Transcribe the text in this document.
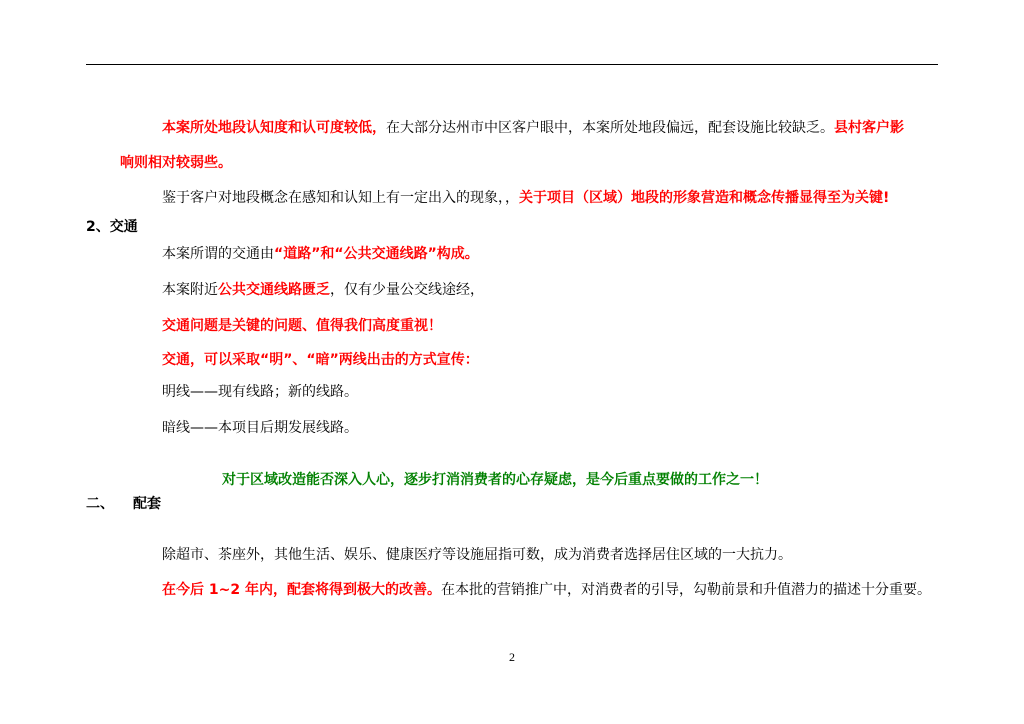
本案所处地段认知度和认可度较低，在大部分达州市中区客户眼中，本案所处地段偏远，配套设施比较缺乏。县村客户影
响则相对较弱些。
鉴于客户对地段概念在感知和认知上有一定出入的现象，，关于项目（区域）地段的形象营造和概念传播显得至为关键!
2、交通
本案所谓的交通由“道路”和“公共交通线路”构成。
本案附近公共交通线路匮乏，仅有少量公交线途经，
交通问题是关键的问题、值得我们高度重视！
交通，可以采取“明”、“暗”两线出击的方式宣传：
明线——现有线路；新的线路。
暗线——本项目后期发展线路。
对于区域改造能否深入人心，逐步打消消费者的心存疑虑，是今后重点要做的工作之一！
二、 配套
除超市、茶座外，其他生活、娱乐、健康医疗等设施屈指可数，成为消费者选择居住区域的一大抗力。
在今后 1~2 年内，配套将得到极大的改善。在本批的营销推广中，对消费者的引导，勾勒前景和升值潜力的描述十分重要。
2
